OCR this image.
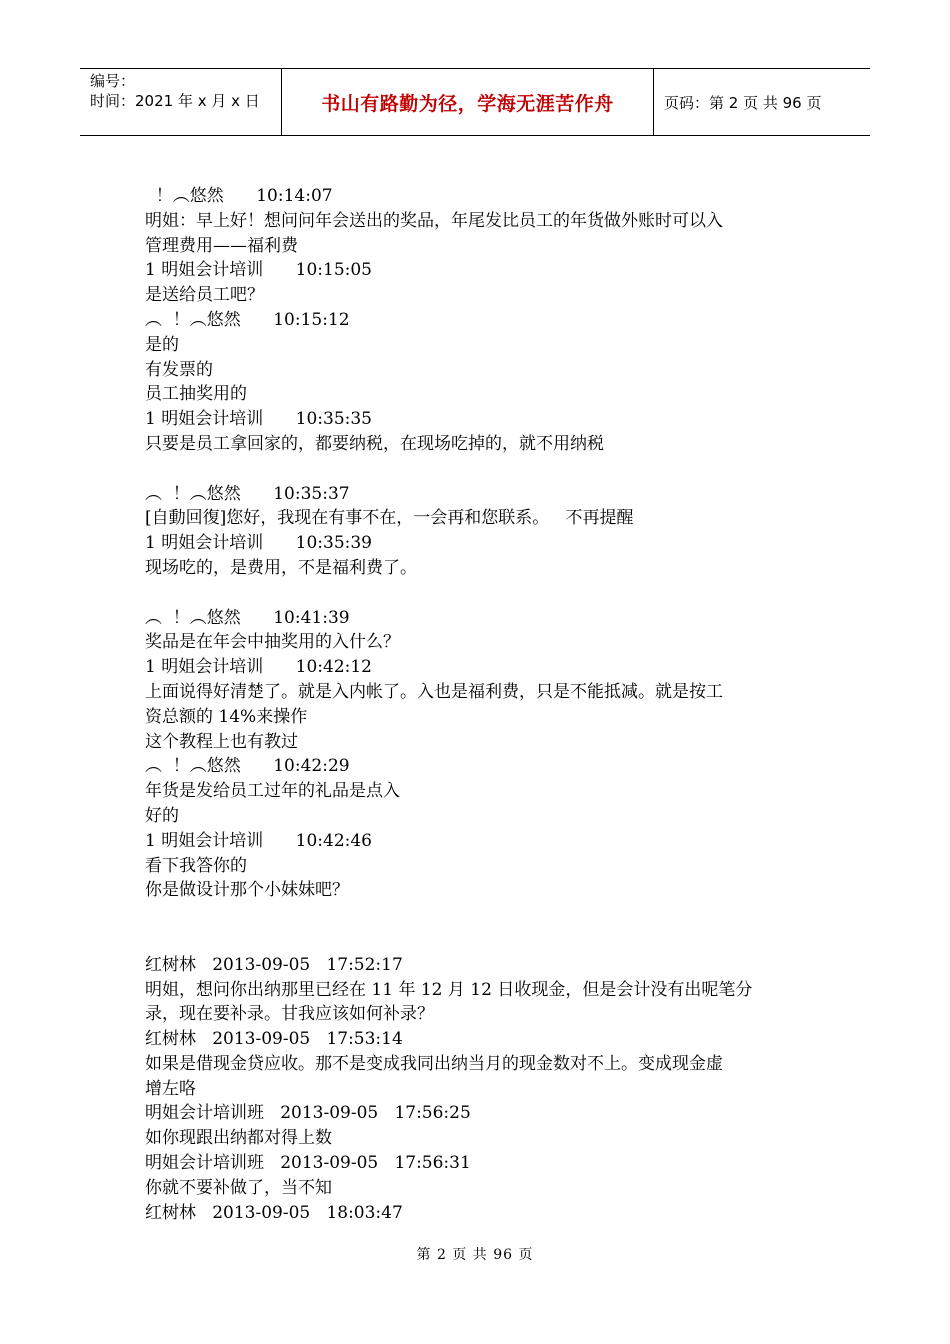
编号：
时间：2021 年 x 月 x 日	书山有路勤为径，学海无涯苦作舟	页码：第 2 页 共 96 页
！︵悠然      10:14:07
明姐：早上好！想问问年会送出的奖品，年尾发比员工的年货做外账时可以入
管理费用——福利费
1 明姐会计培训      10:15:05
是送给员工吧？
︵  ！︵悠然      10:15:12
是的
有发票的
员工抽奖用的
1 明姐会计培训      10:35:35
只要是员工拿回家的，都要纳税，在现场吃掉的，就不用纳税
︵  ！︵悠然      10:35:37
[自動回復]您好，我现在有事不在，一会再和您联系。   不再提醒
1 明姐会计培训      10:35:39
现场吃的，是费用，不是福利费了。
︵  ！︵悠然      10:41:39
奖品是在年会中抽奖用的入什么？
1 明姐会计培训      10:42:12
上面说得好清楚了。就是入内帐了。入也是福利费，只是不能抵减。就是按工
资总额的 14%来操作
这个教程上也有教过
︵  ！︵悠然      10:42:29
年货是发给员工过年的礼品是点入
好的
1 明姐会计培训      10:42:46
看下我答你的
你是做设计那个小妹妹吧？
红树林   2013-09-05   17:52:17
明姐，想问你出纳那里已经在 11 年 12 月 12 日收现金，但是会计没有出呢笔分
录，现在要补录。甘我应该如何补录？
红树林   2013-09-05   17:53:14
如果是借现金贷应收。那不是变成我同出纳当月的现金数对不上。变成现金虚
增左咯
明姐会计培训班   2013-09-05   17:56:25
如你现跟出纳都对得上数
明姐会计培训班   2013-09-05   17:56:31
你就不要补做了，当不知
红树林   2013-09-05   18:03:47
第 2 页 共 96 页
